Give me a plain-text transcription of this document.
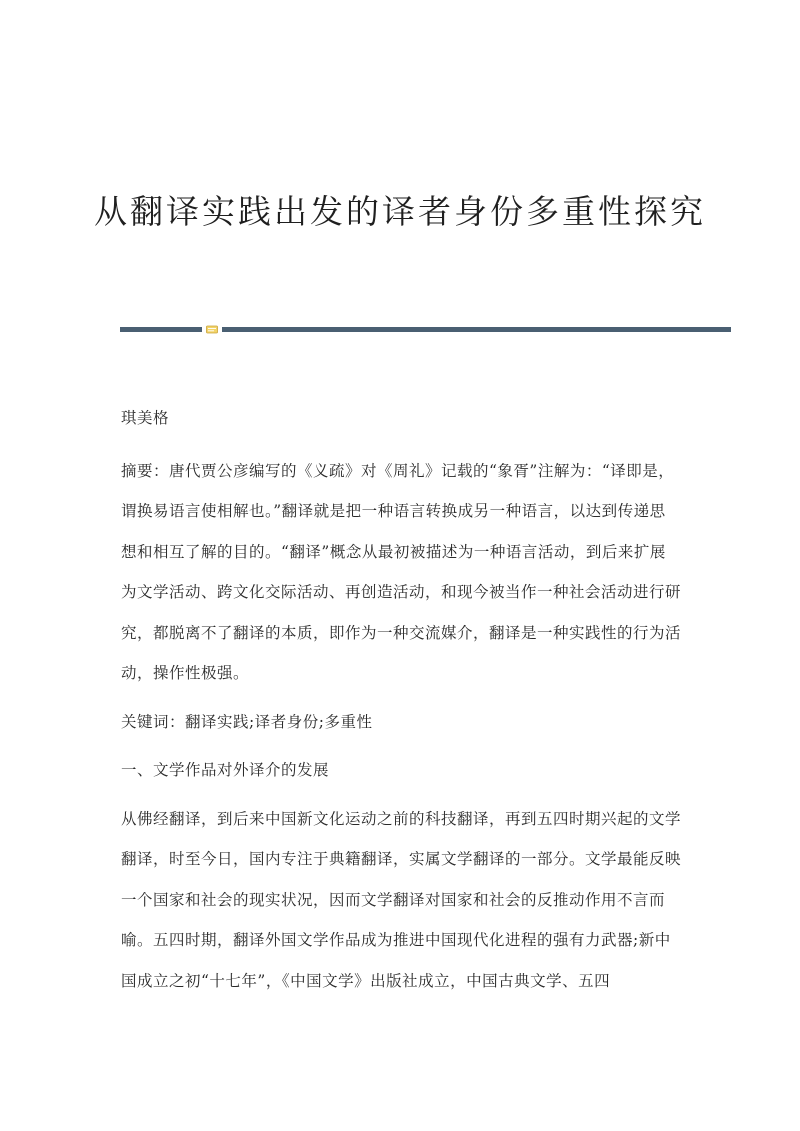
从翻译实践出发的译者身份多重性探究

琪美格

摘要：唐代贾公彦编写的《义疏》对《周礼》记载的“象胥”注解为：“译即是，谓换易语言使相解也。”翻译就是把一种语言转换成另一种语言，以达到传递思想和相互了解的目的。“翻译”概念从最初被描述为一种语言活动，到后来扩展为文学活动、跨文化交际活动、再创造活动，和现今被当作一种社会活动进行研究，都脱离不了翻译的本质，即作为一种交流媒介，翻译是一种实践性的行为活动，操作性极强。

关键词：翻译实践;译者身份;多重性

一、文学作品对外译介的发展

从佛经翻译，到后来中国新文化运动之前的科技翻译，再到五四时期兴起的文学翻译，时至今日，国内专注于典籍翻译，实属文学翻译的一部分。文学最能反映一个国家和社会的现实状况，因而文学翻译对国家和社会的反推动作用不言而喻。五四时期，翻译外国文学作品成为推进中国现代化进程的强有力武器;新中国成立之初“十七年”，《中国文学》出版社成立，中国古典文学、五四
